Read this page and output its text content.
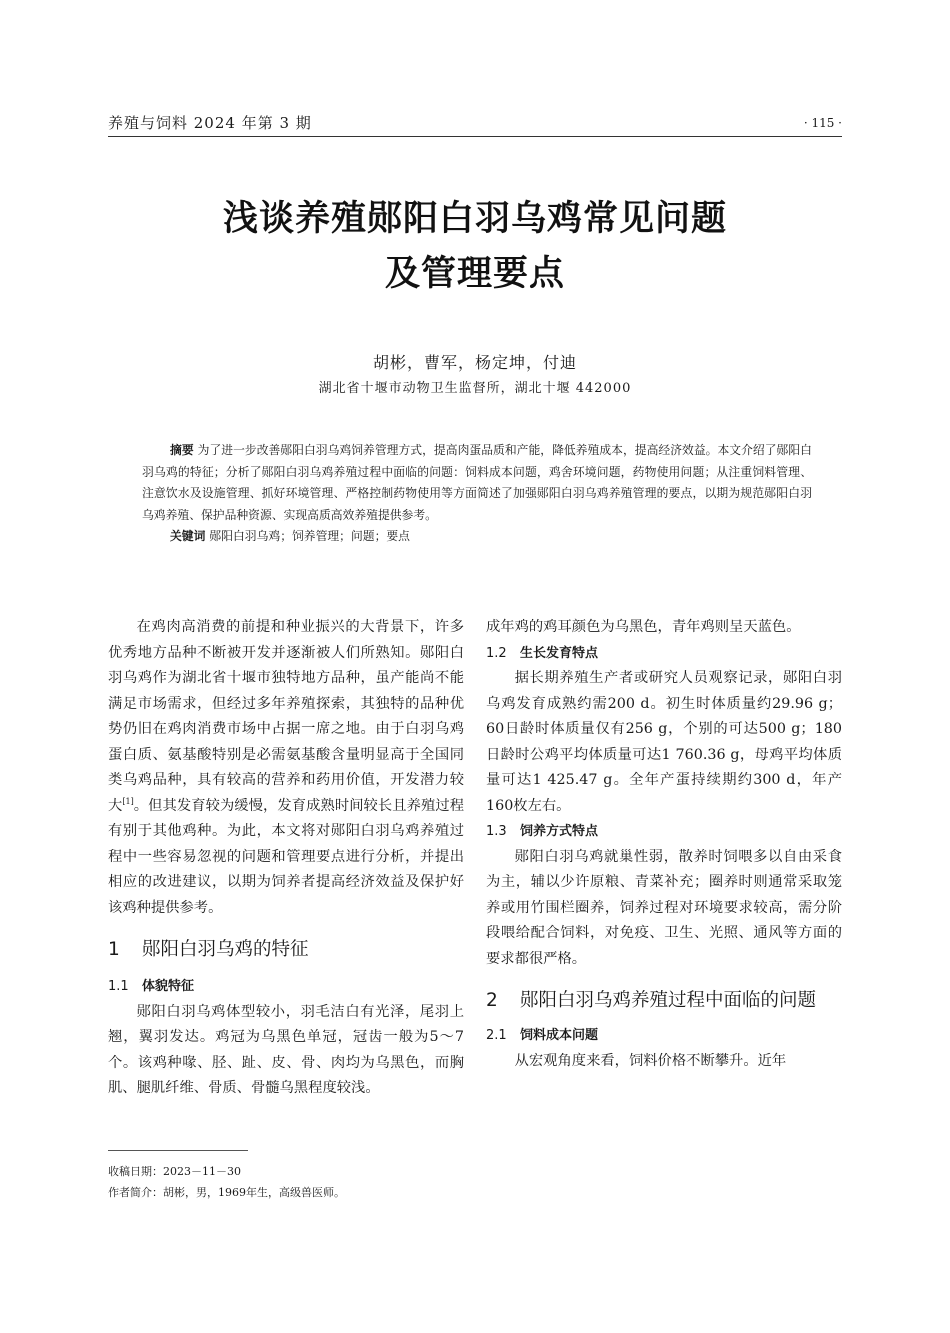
养殖与饲料 2024 年第 3 期	· 115 ·
浅谈养殖郧阳白羽乌鸡常见问题
及管理要点
胡彬，曹军，杨定坤，付迪
湖北省十堰市动物卫生监督所，湖北十堰 442000

摘要 为了进一步改善郧阳白羽乌鸡饲养管理方式，提高肉蛋品质和产能，降低养殖成本，提高经济效益。本文介绍了郧阳白羽乌鸡的特征；分析了郧阳白羽乌鸡养殖过程中面临的问题：饲料成本问题，鸡舍环境问题，药物使用问题；从注重饲料管理、注意饮水及设施管理、抓好环境管理、严格控制药物使用等方面简述了加强郧阳白羽乌鸡养殖管理的要点，以期为规范郧阳白羽乌鸡养殖、保护品种资源、实现高质高效养殖提供参考。

关键词 郧阳白羽乌鸡；饲养管理；问题；要点

在鸡肉高消费的前提和种业振兴的大背景下，许多优秀地方品种不断被开发并逐渐被人们所熟知。郧阳白羽乌鸡作为湖北省十堰市独特地方品种，虽产能尚不能满足市场需求，但经过多年养殖探索，其独特的品种优势仍旧在鸡肉消费市场中占据一席之地。由于白羽乌鸡蛋白质、氨基酸特别是必需氨基酸含量明显高于全国同类乌鸡品种，具有较高的营养和药用价值，开发潜力较大[1]。但其发育较为缓慢，发育成熟时间较长且养殖过程有别于其他鸡种。为此，本文将对郧阳白羽乌鸡养殖过程中一些容易忽视的问题和管理要点进行分析，并提出相应的改进建议，以期为饲养者提高经济效益及保护好该鸡种提供参考。

1 郧阳白羽乌鸡的特征
1.1 体貌特征

郧阳白羽乌鸡体型较小，羽毛洁白有光泽，尾羽上翘，翼羽发达。鸡冠为乌黑色单冠，冠齿一般为5～7个。该鸡种喙、胫、趾、皮、骨、肉均为乌黑色，而胸肌、腿肌纤维、骨质、骨髓乌黑程度较浅。

成年鸡的鸡耳颜色为乌黑色，青年鸡则呈天蓝色。

1.2 生长发育特点

据长期养殖生产者或研究人员观察记录，郧阳白羽乌鸡发育成熟约需200 d。初生时体质量约29.96 g；60日龄时体质量仅有256 g，个别的可达500 g；180日龄时公鸡平均体质量可达1 760.36 g，母鸡平均体质量可达1 425.47 g。全年产蛋持续期约300 d，年产160枚左右。

1.3 饲养方式特点

郧阳白羽乌鸡就巢性弱，散养时饲喂多以自由采食为主，辅以少许原粮、青菜补充；圈养时则通常采取笼养或用竹围栏圈养，饲养过程对环境要求较高，需分阶段喂给配合饲料，对免疫、卫生、光照、通风等方面的要求都很严格。

2 郧阳白羽乌鸡养殖过程中面临的问题
2.1 饲料成本问题

从宏观角度来看，饲料价格不断攀升。近年

收稿日期：2023－11－30
作者简介：胡彬，男，1969年生，高级兽医师。
